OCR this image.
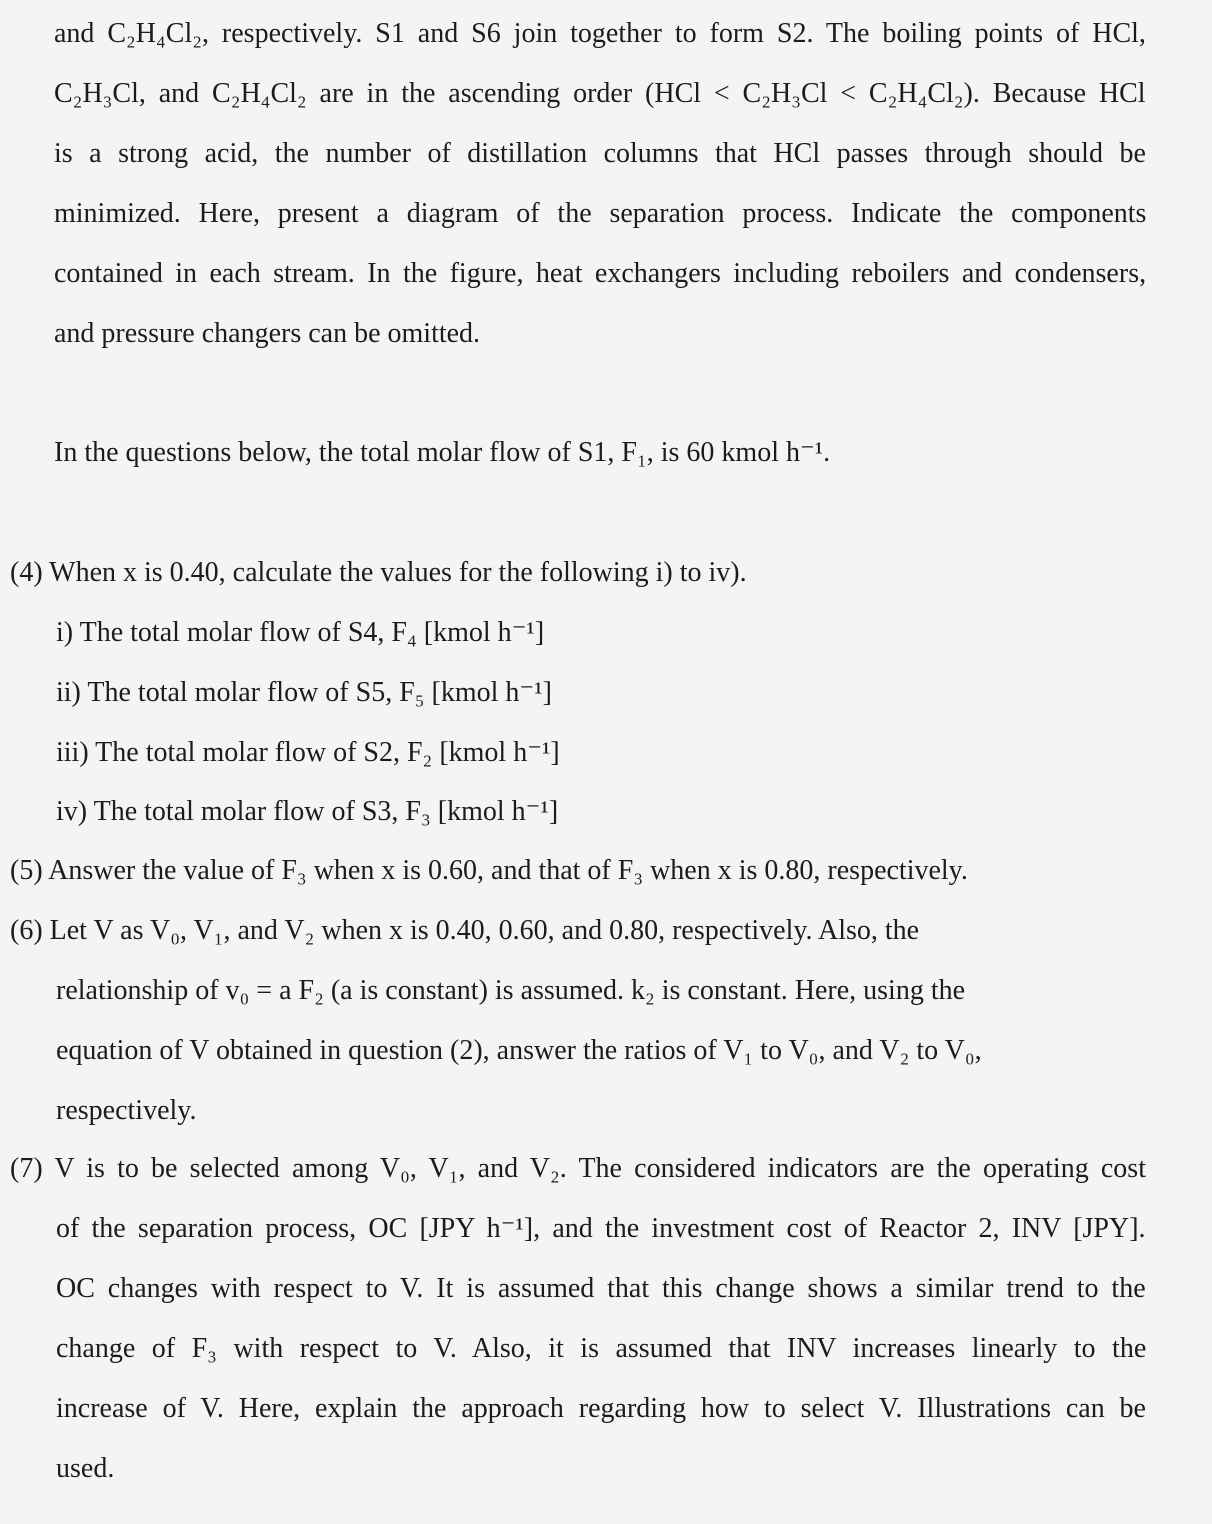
and C₂H₄Cl₂, respectively. S1 and S6 join together to form S2. The boiling points of HCl,
C₂H₃Cl, and C₂H₄Cl₂ are in the ascending order (HCl < C₂H₃Cl < C₂H₄Cl₂). Because HCl
is a strong acid, the number of distillation columns that HCl passes through should be
minimized. Here, present a diagram of the separation process. Indicate the components
contained in each stream. In the figure, heat exchangers including reboilers and condensers,
and pressure changers can be omitted.
In the questions below, the total molar flow of S1, F₁, is 60 kmol h⁻¹.
(4) When x is 0.40, calculate the values for the following i) to iv).
i) The total molar flow of S4, F₄ [kmol h⁻¹]
ii) The total molar flow of S5, F₅ [kmol h⁻¹]
iii) The total molar flow of S2, F₂ [kmol h⁻¹]
iv) The total molar flow of S3, F₃ [kmol h⁻¹]
(5) Answer the value of F₃ when x is 0.60, and that of F₃ when x is 0.80, respectively.
(6) Let V as V₀, V₁, and V₂ when x is 0.40, 0.60, and 0.80, respectively. Also, the
relationship of v₀ = a F₂ (a is constant) is assumed. k₂ is constant. Here, using the
equation of V obtained in question (2), answer the ratios of V₁ to V₀, and V₂ to V₀,
respectively.
(7) V is to be selected among V₀, V₁, and V₂. The considered indicators are the operating cost
of the separation process, OC [JPY h⁻¹], and the investment cost of Reactor 2, INV [JPY].
OC changes with respect to V. It is assumed that this change shows a similar trend to the
change of F₃ with respect to V. Also, it is assumed that INV increases linearly to the
increase of V. Here, explain the approach regarding how to select V. Illustrations can be
used.
